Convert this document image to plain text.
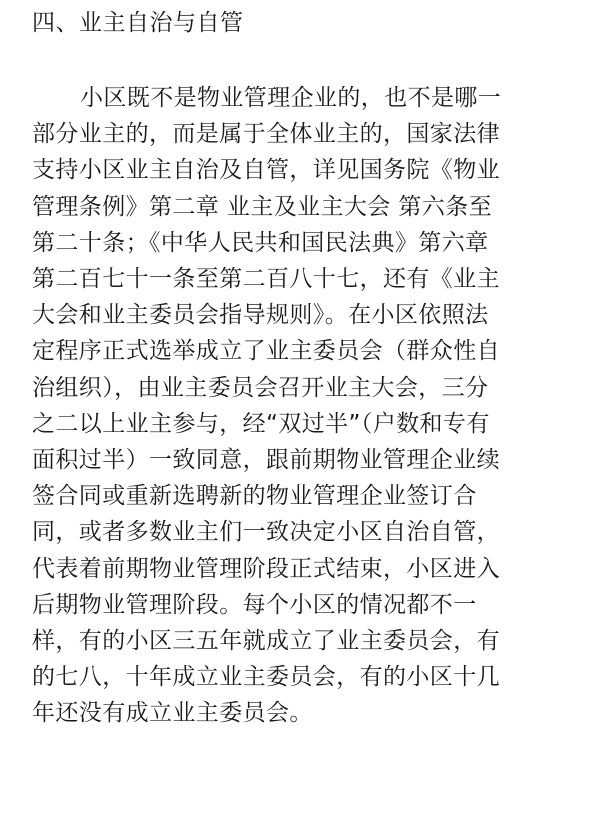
四、业主自治与自管
小区既不是物业管理企业的，也不是哪一
部分业主的，而是属于全体业主的，国家法律
支持小区业主自治及自管，详见国务院《物业
管理条例》第二章 业主及业主大会 第六条至
第二十条；《中华人民共和国民法典》第六章
第二百七十一条至第二百八十七，还有《业主
大会和业主委员会指导规则》。在小区依照法
定程序正式选举成立了业主委员会（群众性自
治组织），由业主委员会召开业主大会，三分
之二以上业主参与，经“双过半”（户数和专有
面积过半）一致同意，跟前期物业管理企业续
签合同或重新选聘新的物业管理企业签订合
同，或者多数业主们一致决定小区自治自管，
代表着前期物业管理阶段正式结束，小区进入
后期物业管理阶段。每个小区的情况都不一
样，有的小区三五年就成立了业主委员会，有
的七八，十年成立业主委员会，有的小区十几
年还没有成立业主委员会。
